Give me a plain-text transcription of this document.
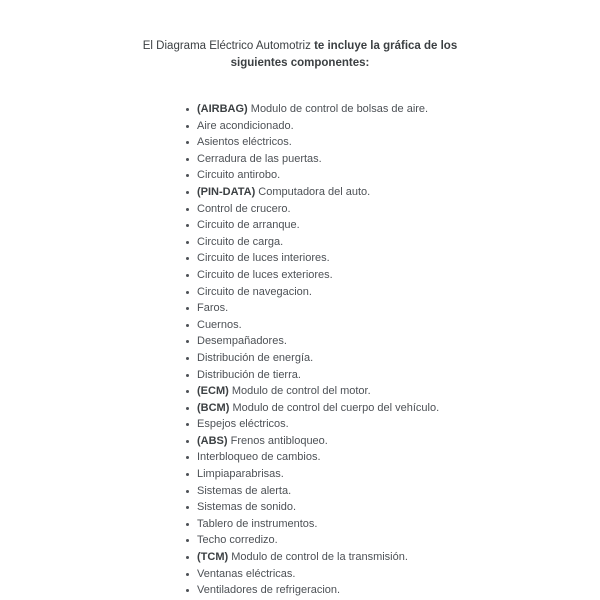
El Diagrama Eléctrico Automotriz te incluye la gráfica de los siguientes componentes:
(AIRBAG) Modulo de control de bolsas de aire.
Aire acondicionado.
Asientos eléctricos.
Cerradura de las puertas.
Circuito antirobo.
(PIN-DATA) Computadora del auto.
Control de crucero.
Circuito de arranque.
Circuito de carga.
Circuito de luces interiores.
Circuito de luces exteriores.
Circuito de navegacion.
Faros.
Cuernos.
Desempañadores.
Distribución de energía.
Distribución de tierra.
(ECM) Modulo de control del motor.
(BCM) Modulo de control del cuerpo del vehículo.
Espejos eléctricos.
(ABS) Frenos antibloqueo.
Interbloqueo de cambios.
Limpiaparabrisas.
Sistemas de alerta.
Sistemas de sonido.
Tablero de instrumentos.
Techo corredizo.
(TCM) Modulo de control de la transmisión.
Ventanas eléctricas.
Ventiladores de refrigeracion.
